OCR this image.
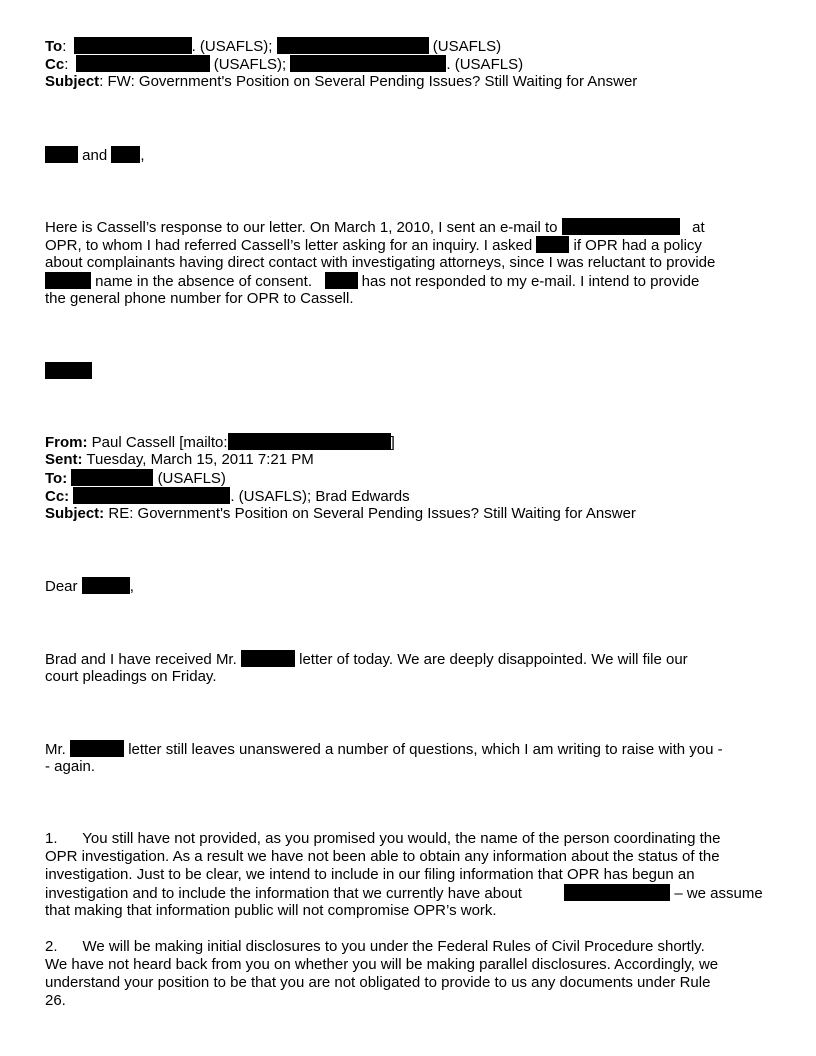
To:	. (USAFLS);	(USAFLS)
Cc:	(USAFLS);	. (USAFLS)
Subject: FW: Government's Position on Several Pending Issues? Still Waiting for Answer
and ,
Here is Cassell’s response to our letter. On March 1, 2010, I sent an e-mail to	at
OPR, to whom I had referred Cassell’s letter asking for an inquiry. I asked	if OPR had a policy
about complainants having direct contact with investigating attorneys, since I was reluctant to provide
name in the absence of consent.	has not responded to my e-mail. I intend to provide
the general phone number for OPR to Cassell.
From: Paul Cassell [mailto:	]
Sent: Tuesday, March 15, 2011 7:21 PM
To:	(USAFLS)
Cc:	. (USAFLS); Brad Edwards
Subject: RE: Government's Position on Several Pending Issues? Still Waiting for Answer
Dear	,
Brad and I have received Mr.	letter of today. We are deeply disappointed. We will file our
court pleadings on Friday.
Mr.	letter still leaves unanswered a number of questions, which I am writing to raise with you -
- again.
1.      You still have not provided, as you promised you would, the name of the person coordinating the
OPR investigation. As a result we have not been able to obtain any information about the status of the
investigation. Just to be clear, we intend to include in our filing information that OPR has begun an
investigation and to include the information that we currently have about	– we assume
that making that information public will not compromise OPR’s work.
2.      We will be making initial disclosures to you under the Federal Rules of Civil Procedure shortly.
We have not heard back from you on whether you will be making parallel disclosures. Accordingly, we
understand your position to be that you are not obligated to provide to us any documents under Rule
26.
